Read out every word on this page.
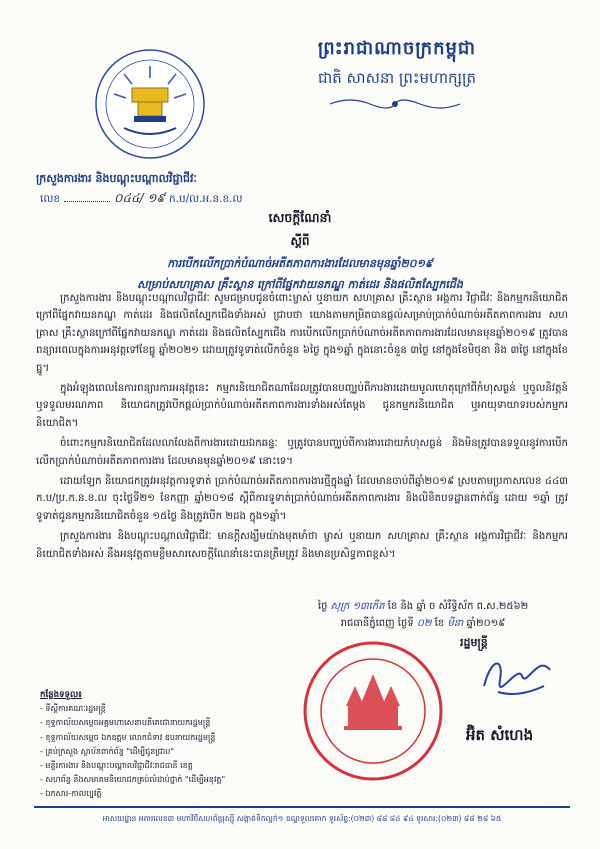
ព្រះរាជាណាចក្រកម្ពុជា
ជាតិ សាសនា ព្រះមហាក្សត្រ
ក្រសួងការងារ និងបណ្តុះបណ្តាលវិជ្ជាជីវៈ
លេខ	០៤៤/ ១៩ ក.ប/ល.អ.ន.ខ.ល
សេចក្តីណែនាំ
ស្តីពី
ការបើកលើកប្រាក់បំណាច់អតីតភាពការងារដែលមានមុនឆ្នាំ២០១៩
សម្រាប់សហគ្រាស គ្រឹះស្ថាន ក្រៅពីផ្នែកវាយនភណ្ឌ កាត់ដេរ និងផលិតស្បែកជើង

ក្រសួងការងារ និងបណ្តុះបណ្តាលវិជ្ជាជីវៈ សូមជម្រាបជូនចំពោះម្ចាស់ ឬនាយក សហគ្រាស គ្រឹះស្ថាន អង្គការ វិជ្ជាជីវៈ និងកម្មករនិយោជិតក្រៅពីផ្នែកវាយនភណ្ឌ កាត់ដេរ និងផលិតស្បែកជើងទាំងអស់ ជ្រាបថា យោងតាមកម្រិតបានផ្តល់សម្រាប់ប្រាក់បំណាច់អតីតភាពការងារ សហគ្រាស គ្រឹះស្ថានក្រៅពីផ្នែកវាយនភណ្ឌ កាត់ដេរ និងផលិតស្បែកជើង ការបើកលើកប្រាក់បំណាច់អតីតភាពការងារដែលមានមុនឆ្នាំ២០១៩ ត្រូវបានពន្យារពេលក្នុងការអនុវត្តទៅខែធ្នូ ឆ្នាំ២០២១ ដោយត្រូវទូទាត់លើកចំនួន ៦ថ្ងៃ ក្នុង១ឆ្នាំ ក្នុងនោះចំនួន ៣ថ្ងៃ នៅក្នុងខែមិថុនា និង ៣ថ្ងៃ នៅក្នុងខែធ្នូ។

ក្នុងអំឡុងពេលនៃការពន្យារការអនុវត្តនេះ កម្មករនិយោជិតណាដែលត្រូវបានបញ្ឈប់ពីការងារដោយមូលហេតុក្រៅពីកំហុសធ្ងន់ ឬចូលនិវត្តន៍ ឬទទួលមរណភាព និយោជកត្រូវបើកផ្តល់ប្រាក់បំណាច់អតីតភាពការងារទាំងអស់តែម្តង ជូនកម្មករនិយោជិត ឬអាយុទាយាទរបស់កម្មករនិយោជិត។

ចំពោះកម្មករនិយោជិតដែលលាលែងពីការងារដោយឯកឆន្ទៈ ឬត្រូវបានបញ្ឈប់ពីការងារដោយកំហុសធ្ងន់ និងមិនត្រូវបានទទួលនូវការបើកលើកប្រាក់បំណាច់អតីតភាពការងារ ដែលមានមុនឆ្នាំ២០១៩ នោះទេ។

ដោយឡែក និយោជកត្រូវអនុវត្តការទូទាត់ ប្រាក់បំណាច់អតីតភាពការងារថ្មីក្នុងឆ្នាំ ដែលមានចាប់ពីឆ្នាំ២០១៩ ស្របតាមប្រកាសលេខ ៤៤៣ ក.ប/ប្រ.ក.ន.ខ.ល ចុះថ្ងៃទី២១ ខែកញ្ញា ឆ្នាំ២០១៨ ស្តីពីការទូទាត់ប្រាក់បំណាច់អតីតភាពការងារ និងលិខិតបទដ្ឋានពាក់ព័ន្ធ ដោយ ១ឆ្នាំ ត្រូវទូទាត់ជូនកម្មករនិយោជិតចំនួន ១៥ថ្ងៃ និងត្រូវបើក ២ដង ក្នុង១ឆ្នាំ។

ក្រសួងការងារ និងបណ្តុះបណ្តាលវិជ្ជាជីវៈ មានក្តីសង្ឃឹមយ៉ាងមុតមាំថា ម្ចាស់ ឬនាយក សហគ្រាស គ្រឹះស្ថាន អង្គការវិជ្ជាជីវៈ និងកម្មករនិយោជិតទាំងអស់ នឹងអនុវត្តតាមខ្លឹមសារសេចក្តីណែនាំនេះបានត្រឹមត្រូវ និងមានប្រសិទ្ធភាពខ្ពស់។

ថ្ងៃ សុក្រ ១៣កើត ខែ និង ឆ្នាំ ច សំរឹទ្ធិស័ក ព.ស.២៥៦២
រាជធានីភ្នំពេញ ថ្ងៃទី ០២ ខែ មីនា ឆ្នាំ២០១៩
រដ្ឋមន្ត្រី
អ៊ិត សំហេង
កន្លែងទទួល៖
- ទីស្តីការគណៈរដ្ឋមន្ត្រី
- ខុទ្ទកាល័យសម្តេចអគ្គមហាសេនាបតីតេជោនាយករដ្ឋមន្ត្រី
- ខុទ្ទកាល័យសម្តេច ឯកឧត្តម លោកជំទាវ ឧបនាយករដ្ឋមន្ត្រី
- គ្រប់ក្រសួង ស្ថាប័នពាក់ព័ន្ធ "ដើម្បីជូនជ្រាប"
- មន្ទីរការងារ និងបណ្តុះបណ្តាលវិជ្ជាជីវៈរាជធានី ខេត្ត
- សហព័ន្ធ និងសមាគមនិយោជកគ្រប់លំដាប់ថ្នាក់ "ដើម្បីអនុវត្ត"
- ឯកសារ-កាលប្បវត្តិ
អាសយដ្ឋាន អគារលេខ៣ មហាវិថីសហព័ន្ធរុស្ស៊ី សង្កាត់ទឹកល្អក់១ ខណ្ឌទួលគោក ទូរស័ព្ទ:(០២៣) ៨៨ ៨៤ ៩៤ ទូរសារ:(០២៣) ៨៨ ២៨ ៦៥
